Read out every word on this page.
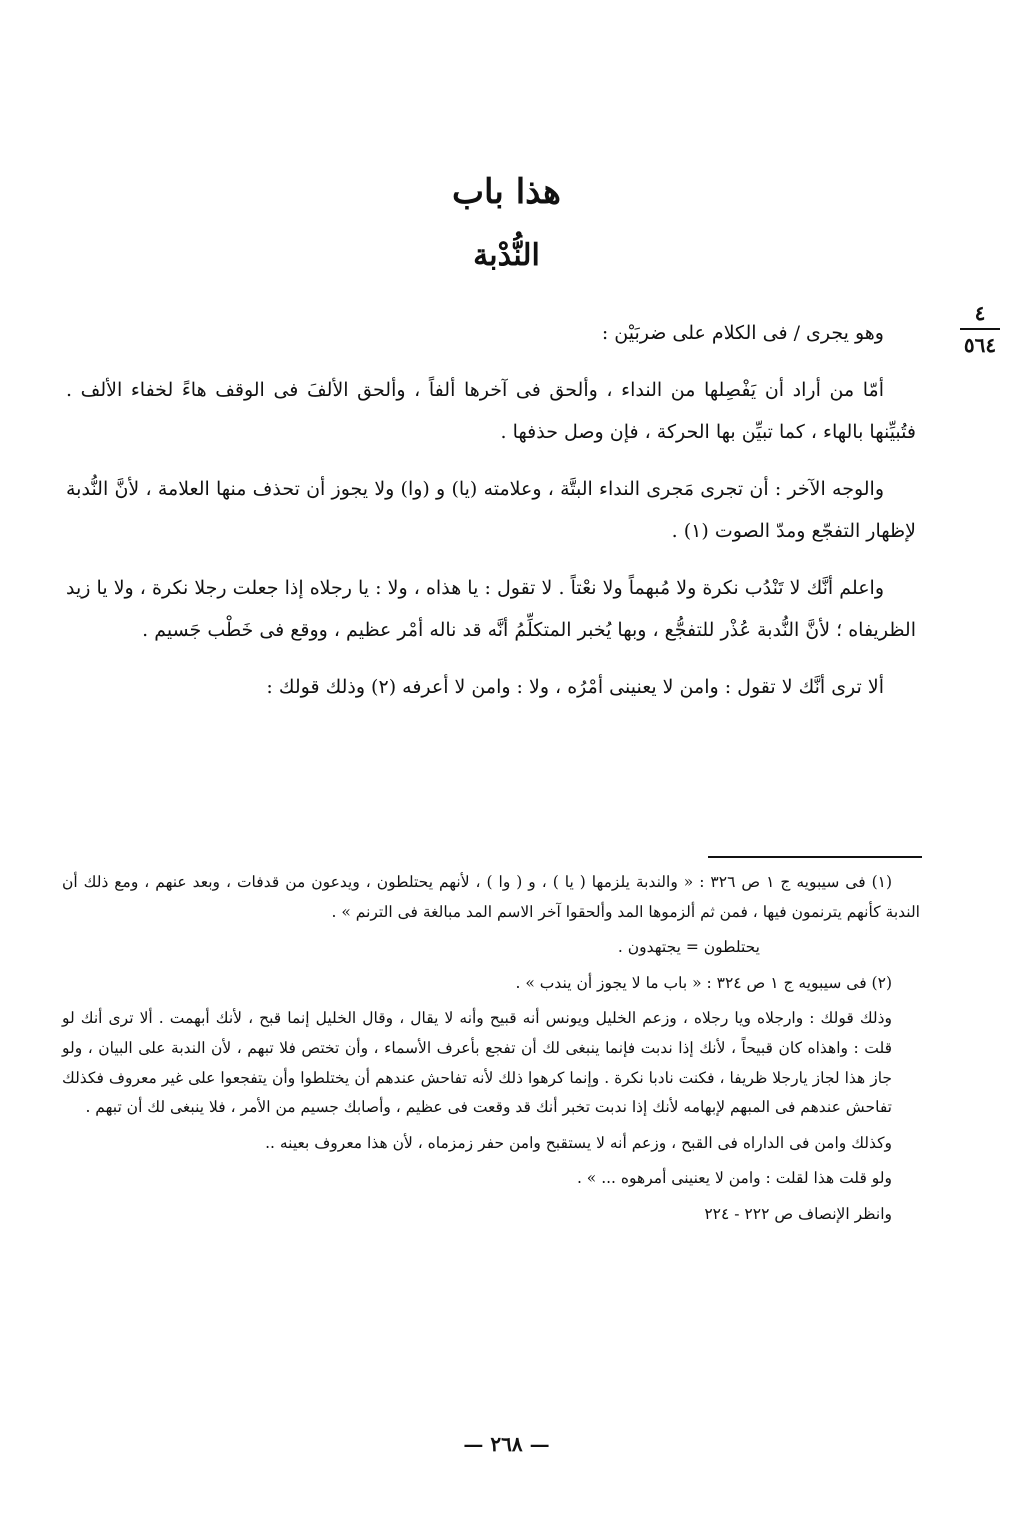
هذا باب
النُّدْبة
٤
٥٦٤

وهو يجرى / فى الكلام على ضربَيْن :

أمّا من أراد أن يَفْصِلها من النداء ، وألحق فى آخرها ألفاً ، وألحق الألفَ فى الوقف هاءً لخفاء الألف . فتُبيِّنها بالهاء ، كما تبيِّن بها الحركة ، فإن وصل حذفها .

والوجه الآخر : أن تجرى مَجرى النداء البتَّة ، وعلامته (يا) و (وا) ولا يجوز أن تحذف منها العلامة ، لأنَّ النُّدبة لإظهار التفجّع ومدّ الصوت (١) .

واعلم أنَّك لا تَنْدُب نكرة ولا مُبهماً ولا نعْتاً . لا تقول : يا هذاه ، ولا : يا رجلاه إذا جعلت رجلا نكرة ، ولا يا زيد الظريفاه ؛ لأنَّ النُّدبة عُذْر للتفجُّع ، وبها يُخبر المتكلِّمُ أنَّه قد ناله أمْر عظيم ، ووقع فى خَطْب جَسيم .

ألا ترى أنَّك لا تقول : وامن لا يعنينى أمْرُه ، ولا : وامن لا أعرفه (٢) وذلك قولك :

(١) فى سيبويه ج ١ ص ٣٢٦ : « والندبة يلزمها ( يا ) ، و ( وا ) ، لأنهم يحتلطون ، ويدعون من قدفات ، وبعد عنهم ، ومع ذلك أن الندبة كأنهم يترنمون فيها ، فمن ثم ألزموها المد وألحقوا آخر الاسم المد مبالغة فى الترنم » .

يحتلطون = يجتهدون .

(٢) فى سيبويه ج ١ ص ٣٢٤ : « باب ما لا يجوز أن يندب » .

وذلك قولك : وارجلاه ويا رجلاه ، وزعم الخليل ويونس أنه قبيح وأنه لا يقال ، وقال الخليل إنما قبح ، لأنك أبهمت . ألا ترى أنك لو قلت : واهذاه كان قبيحاً ، لأنك إذا ندبت فإنما ينبغى لك أن تفجع بأعرف الأسماء ، وأن تختص فلا تبهم ، لأن الندبة على البيان ، ولو جاز هذا لجاز يارجلا ظريفا ، فكنت نادبا نكرة . وإنما كرهوا ذلك لأنه تفاحش عندهم أن يختلطوا وأن يتفجعوا على غير معروف فكذلك تفاحش عندهم فى المبهم لإبهامه لأنك إذا ندبت تخبر أنك قد وقعت فى عظيم ، وأصابك جسيم من الأمر ، فلا ينبغى لك أن تبهم .

وكذلك وامن فى الداراه فى القبح ، وزعم أنه لا يستقبح وامن حفر زمزماه ، لأن هذا معروف بعينه ..

ولو قلت هذا لقلت : وامن لا يعنينى أمرهوه ... » .

وانظر الإنصاف ص ٢٢٢ - ٢٢٤

— ٢٦٨ —
